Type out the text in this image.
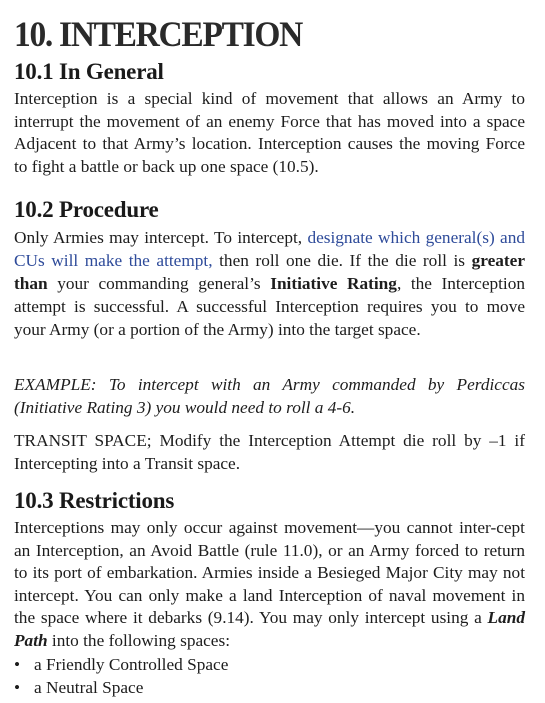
10. INTERCEPTION
10.1 In General

Interception is a special kind of movement that allows an Army to interrupt the movement of an enemy Force that has moved into a space Adjacent to that Army’s location. Interception causes the moving Force to fight a battle or back up one space (10.5).

10.2 Procedure

Only Armies may intercept. To intercept, designate which general(s) and CUs will make the attempt, then roll one die. If the die roll is greater than your commanding general’s Initiative Rating, the Interception attempt is successful. A successful Interception requires you to move your Army (or a portion of the Army) into the target space.

EXAMPLE: To intercept with an Army commanded by Perdiccas (Initiative Rating 3) you would need to roll a 4-6.

TRANSIT SPACE; Modify the Interception Attempt die roll by –1 if Intercepting into a Transit space.

10.3 Restrictions

Interceptions may only occur against movement—you cannot inter-cept an Interception, an Avoid Battle (rule 11.0), or an Army forced to return to its port of embarkation. Armies inside a Besieged Major City may not intercept. You can only make a land Interception of naval movement in the space where it debarks (9.14). You may only intercept using a Land Path into the following spaces:

• a Friendly Controlled Space
• a Neutral Space
